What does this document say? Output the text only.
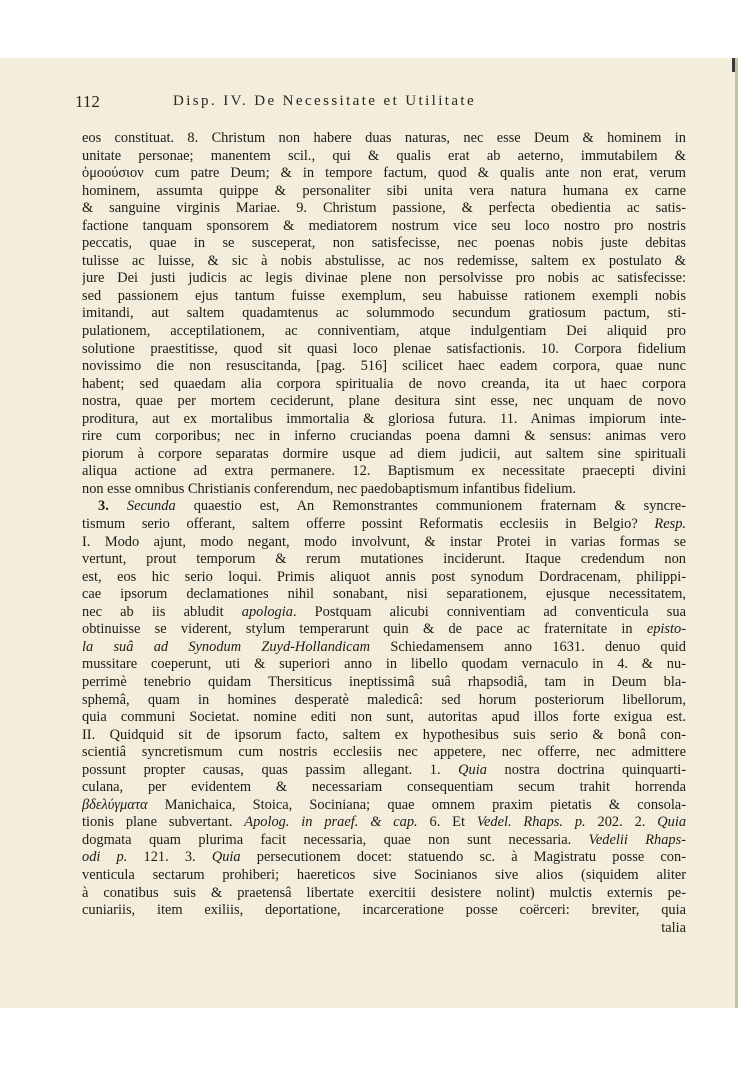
112	Disp. IV. De Necessitate et Utilitate
eos constituat. 8. Christum non habere duas naturas, nec esse Deum & hominem in
unitate personae; manentem scil., qui & qualis erat ab aeterno, immutabilem &
ὁμοούσιον cum patre Deum; & in tempore factum, quod & qualis ante non erat, verum
hominem, assumta quippe & personaliter sibi unita vera natura humana ex carne
& sanguine virginis Mariae. 9. Christum passione, & perfecta obedientia ac satis-
factione tanquam sponsorem & mediatorem nostrum vice seu loco nostro pro nostris
peccatis, quae in se susceperat, non satisfecisse, nec poenas nobis juste debitas
tulisse ac luisse, & sic à nobis abstulisse, ac nos redemisse, saltem ex postulato &
jure Dei justi judicis ac legis divinae plene non persolvisse pro nobis ac satisfecisse:
sed passionem ejus tantum fuisse exemplum, seu habuisse rationem exempli nobis
imitandi, aut saltem quadamtenus ac solummodo secundum gratiosum pactum, sti-
pulationem, acceptilationem, ac conniventiam, atque indulgentiam Dei aliquid pro
solutione praestitisse, quod sit quasi loco plenae satisfactionis. 10. Corpora fidelium
novissimo die non resuscitanda, [pag. 516] scilicet haec eadem corpora, quae nunc
habent; sed quaedam alia corpora spiritualia de novo creanda, ita ut haec corpora
nostra, quae per mortem ceciderunt, plane desitura sint esse, nec unquam de novo
proditura, aut ex mortalibus immortalia & gloriosa futura. 11. Animas impiorum inte-
rire cum corporibus; nec in inferno cruciandas poena damni & sensus: animas vero
piorum à corpore separatas dormire usque ad diem judicii, aut saltem sine spirituali
aliqua actione ad extra permanere. 12. Baptismum ex necessitate praecepti divini
non esse omnibus Christianis conferendum, nec paedobaptismum infantibus fidelium.
3. Secunda quaestio est, An Remonstrantes communionem fraternam & syncre-
tismum serio offerant, saltem offerre possint Reformatis ecclesiis in Belgio? Resp.
I. Modo ajunt, modo negant, modo involvunt, & instar Protei in varias formas se
vertunt, prout temporum & rerum mutationes inciderunt. Itaque credendum non
est, eos hic serio loqui. Primis aliquot annis post synodum Dordracenam, philippi-
cae ipsorum declamationes nihil sonabant, nisi separationem, ejusque necessitatem,
nec ab iis abludit apologia. Postquam alicubi conniventiam ad conventicula sua
obtinuisse se viderent, stylum temperarunt quin & de pace ac fraternitate in episto-
la suâ ad Synodum Zuyd-Hollandicam Schiedamensem anno 1631. denuo quid
mussitare coeperunt, uti & superiori anno in libello quodam vernaculo in 4. & nu-
perrimè tenebrio quidam Thersiticus ineptissimâ suâ rhapsodiâ, tam in Deum bla-
sphemâ, quam in homines desperatè maledicâ: sed horum posteriorum libellorum,
quia communi Societat. nomine editi non sunt, autoritas apud illos forte exigua est.
II. Quidquid sit de ipsorum facto, saltem ex hypothesibus suis serio & bonâ con-
scientiâ syncretismum cum nostris ecclesiis nec appetere, nec offerre, nec admittere
possunt propter causas, quas passim allegant. 1. Quia nostra doctrina quinquarti-
culana, per evidentem & necessariam consequentiam secum trahit horrenda
βδελύγματα Manichaica, Stoica, Sociniana; quae omnem praxim pietatis & consola-
tionis plane subvertant. Apolog. in praef. & cap. 6. Et Vedel. Rhaps. p. 202. 2. Quia
dogmata quam plurima facit necessaria, quae non sunt necessaria. Vedelii Rhaps-
odi p. 121. 3. Quia persecutionem docet: statuendo sc. à Magistratu posse con-
venticula sectarum prohiberi; haereticos sive Socinianos sive alios (siquidem aliter
à conatibus suis & praetensâ libertate exercitii desistere nolint) mulctis externis pe-
cuniariis, item exiliis, deportatione, incarceratione posse coërceri: breviter, quia
talia
